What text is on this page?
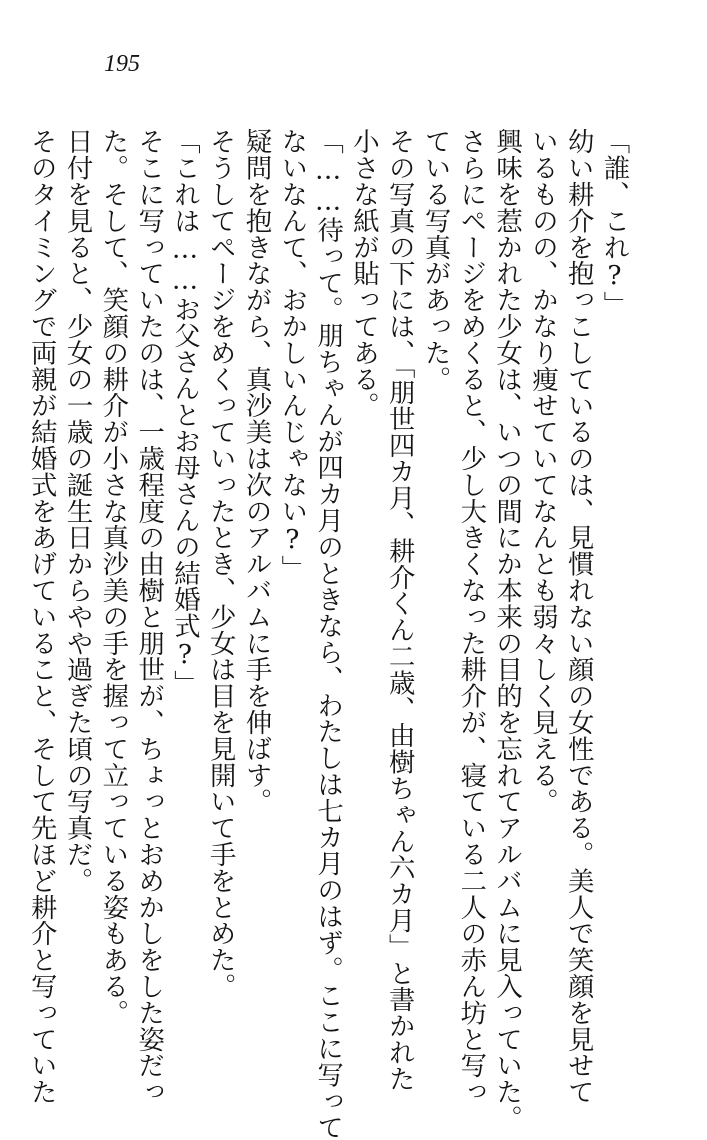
195

「誰、これ?」

幼い耕介を抱っこしているのは、見慣れない顔の女性である。美人で笑顔を見せて

いるものの、かなり痩せていてなんとも弱々しく見える。

興味を惹かれた少女は、いつの間にか本来の目的を忘れてアルバムに見入っていた。

さらにページをめくると、少し大きくなった耕介が、寝ている二人の赤ん坊と写っ

ている写真があった。

その写真の下には、「朋世四カ月、耕介くん二歳、由樹ちゃん六カ月」と書かれた

小さな紙が貼ってある。

「……待って。朋ちゃんが四カ月のときなら、わたしは七カ月のはず。ここに写って

ないなんて、おかしいんじゃない?」

疑問を抱きながら、真沙美は次のアルバムに手を伸ばす。

そうしてページをめくっていったとき、少女は目を見開いて手をとめた。

「これは……お父さんとお母さんの結婚式?」

そこに写っていたのは、一歳程度の由樹と朋世が、ちょっとおめかしをした姿だっ

た。そして、笑顔の耕介が小さな真沙美の手を握って立っている姿もある。

日付を見ると、少女の一歳の誕生日からやや過ぎた頃の写真だ。

そのタイミングで両親が結婚式をあげていること、そして先ほど耕介と写っていた
